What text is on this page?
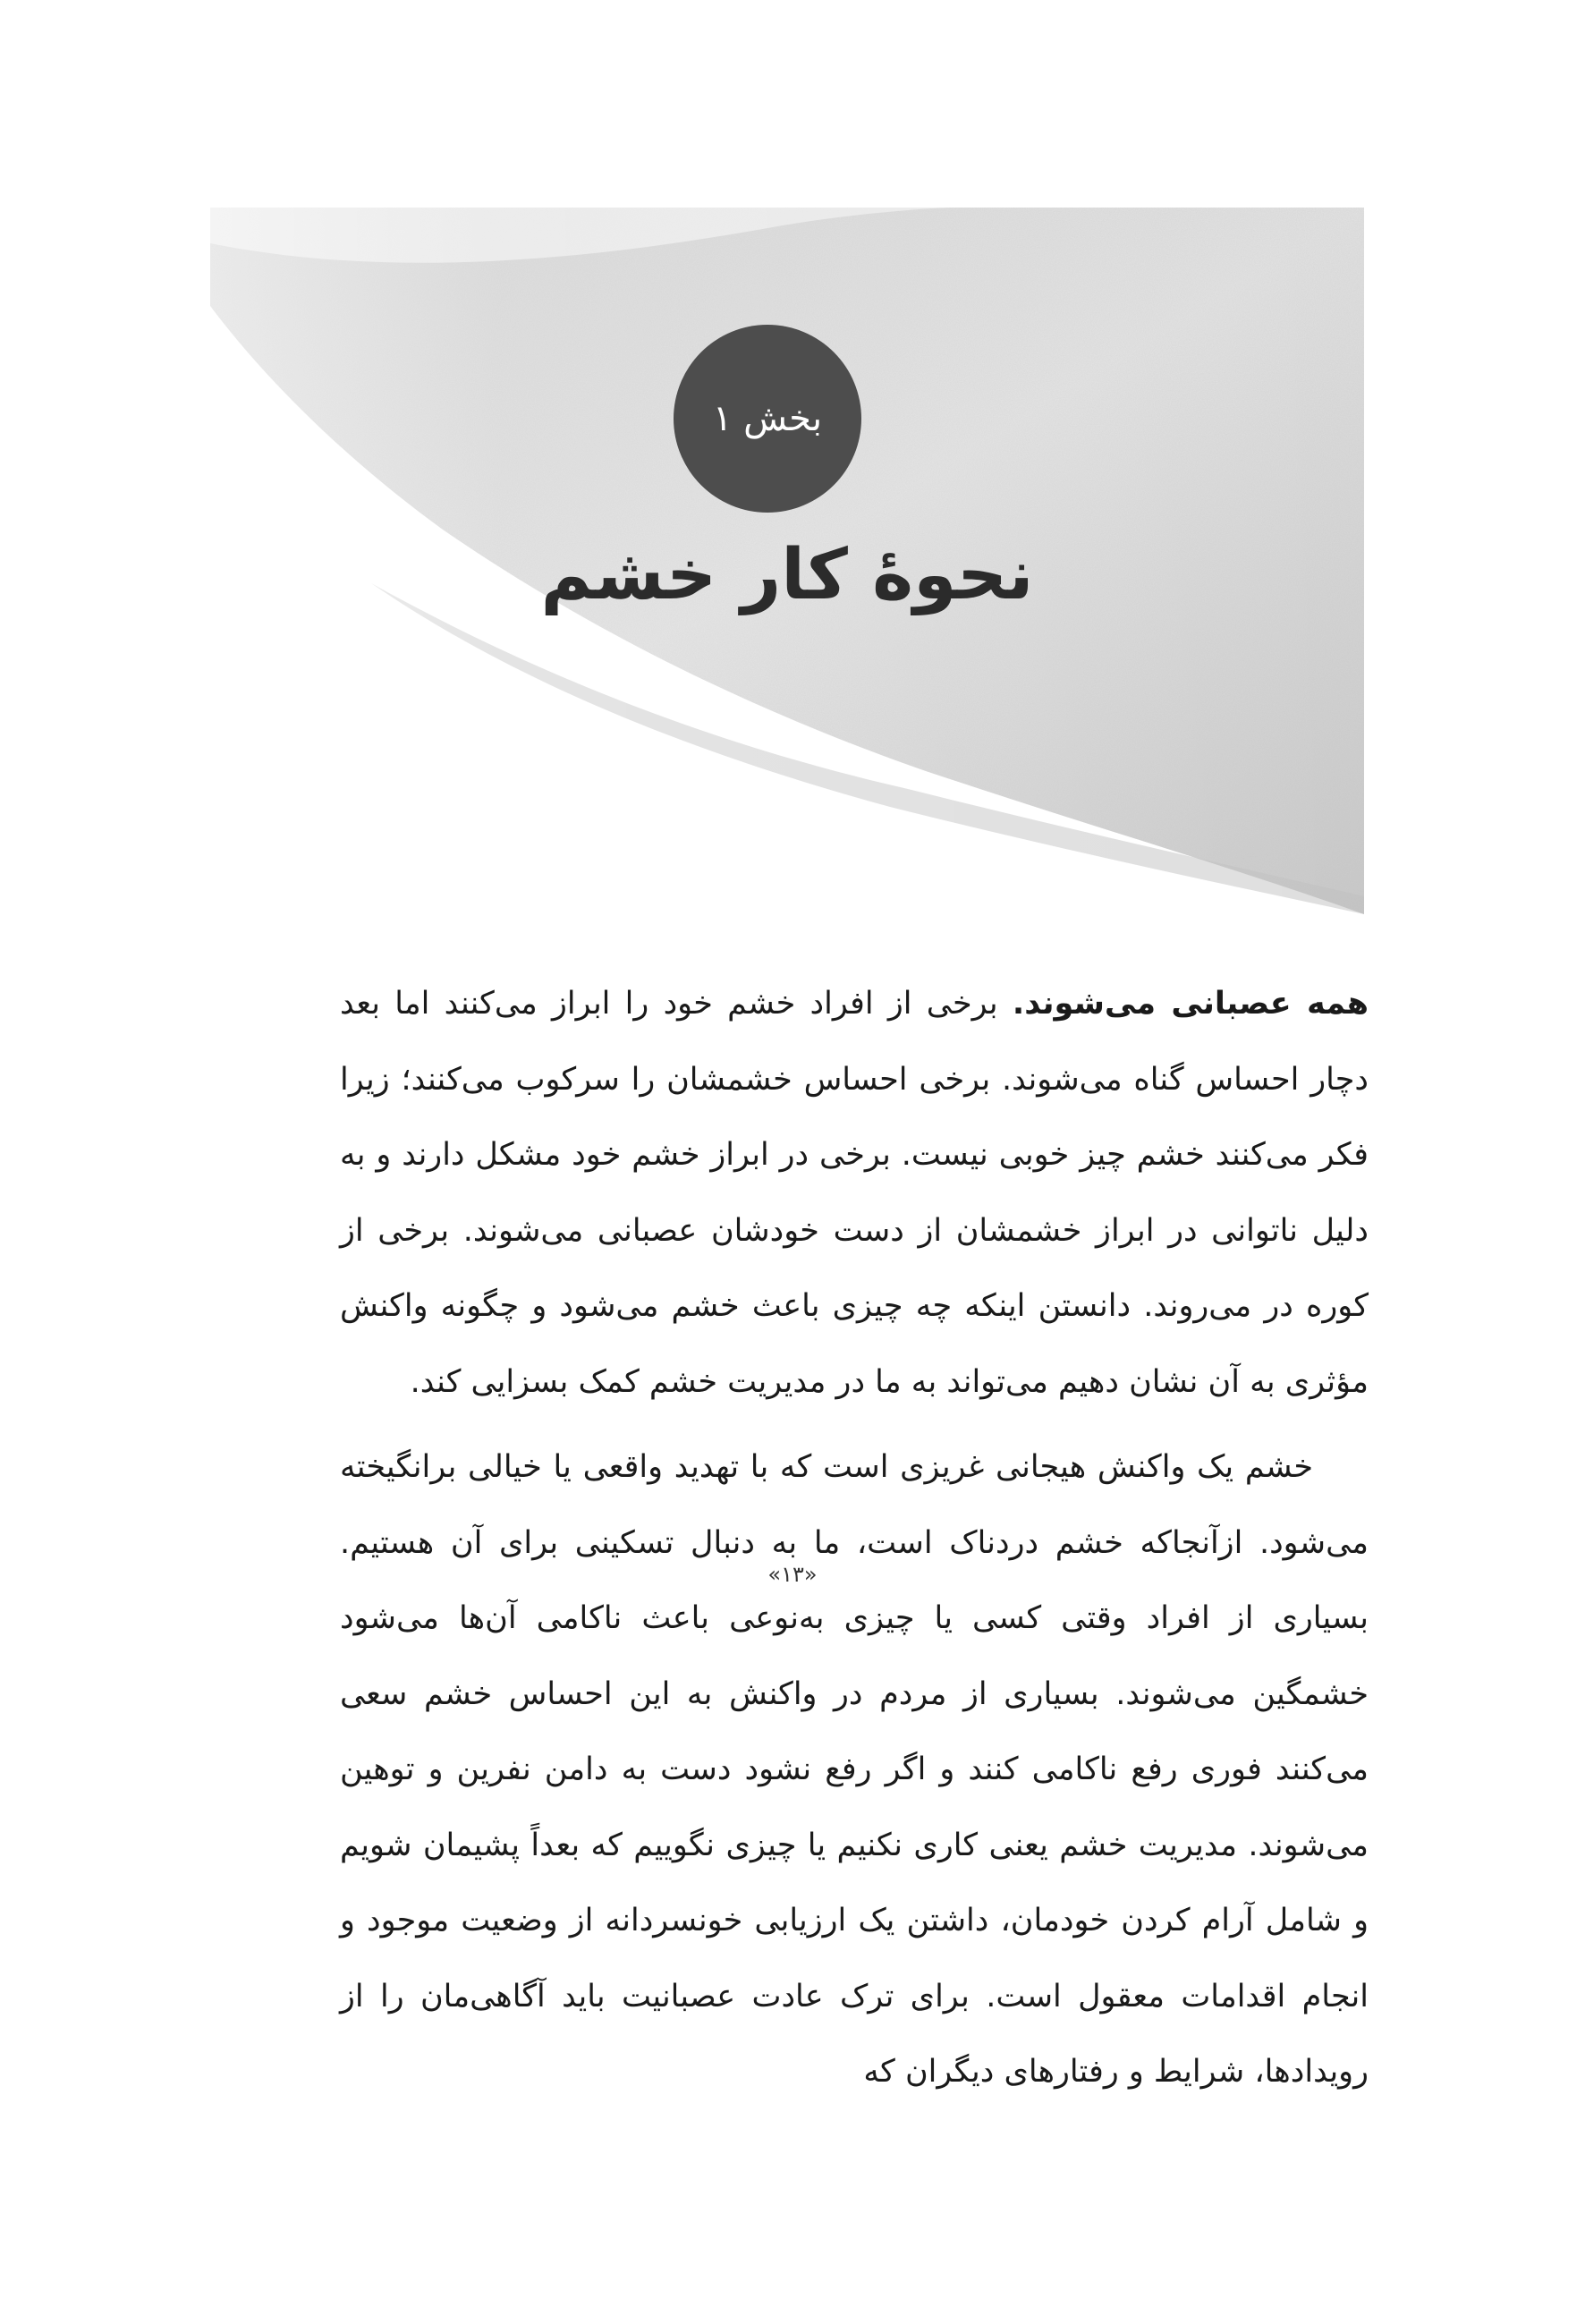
بخش ۱
نحوۀ کار خشم

همه عصبانی می‌شوند. برخی از افراد خشم خود را ابراز می‌کنند اما بعد دچار احساس گناه می‌شوند. برخی احساس خشمشان را سرکوب می‌کنند؛ زیرا فکر می‌کنند خشم چیز خوبی نیست. برخی در ابراز خشم خود مشکل دارند و به دلیل ناتوانی در ابراز خشمشان از دست خودشان عصبانی می‌شوند. برخی از کوره در می‌روند. دانستن اینکه چه چیزی باعث خشم می‌شود و چگونه واکنش مؤثری به آن نشان دهیم می‌تواند به ما در مدیریت خشم کمک بسزایی کند.

خشم یک واکنش هیجانی غریزی است که با تهدید واقعی یا خیالی برانگیخته می‌شود. ازآنجاکه خشم دردناک است، ما به دنبال تسکینی برای آن هستیم. بسیاری از افراد وقتی کسی یا چیزی به‌نوعی باعث ناکامی آن‌ها می‌شود خشمگین می‌شوند. بسیاری از مردم در واکنش به این احساس خشم سعی می‌کنند فوری رفع ناکامی کنند و اگر رفع نشود دست به دامن نفرین و توهین می‌شوند. مدیریت خشم یعنی کاری نکنیم یا چیزی نگوییم که بعداً پشیمان شویم و شامل آرام کردن خودمان، داشتن یک ارزیابی خونسردانه از وضعیت موجود و انجام اقدامات معقول است. برای ترک عادت عصبانیت باید آگاهی‌مان را از رویدادها، شرایط و رفتارهای دیگران که

«۱۳»
